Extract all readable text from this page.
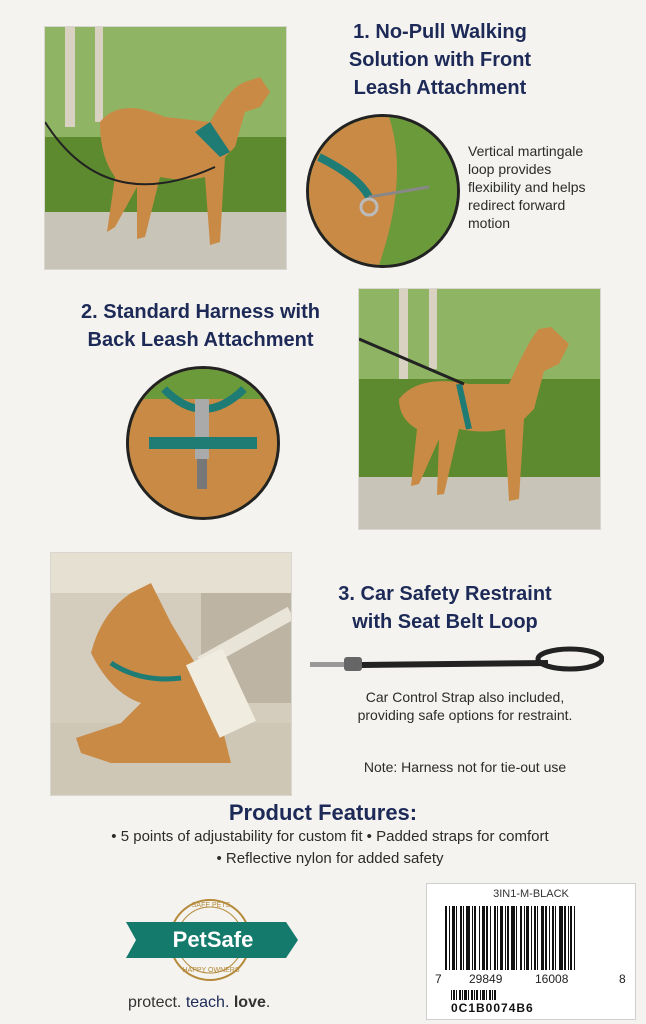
1. No-Pull Walking
Solution with Front
Leash Attachment
Vertical martingale
loop provides
flexibility and helps
redirect forward
motion
2. Standard Harness with
Back Leash Attachment
3. Car Safety Restraint
with Seat Belt Loop
Car Control Strap also included,
providing safe options for restraint.
Note: Harness not for tie-out use
Product Features:
• 5 points of adjustability for custom fit • Padded straps for comfort
• Reflective nylon for added safety
SAFE PETS
PetSafe
HAPPY OWNERS
protect. teach. love.
3IN1-M-BLACK
7 29849	16008	8
0C1B0074B6
